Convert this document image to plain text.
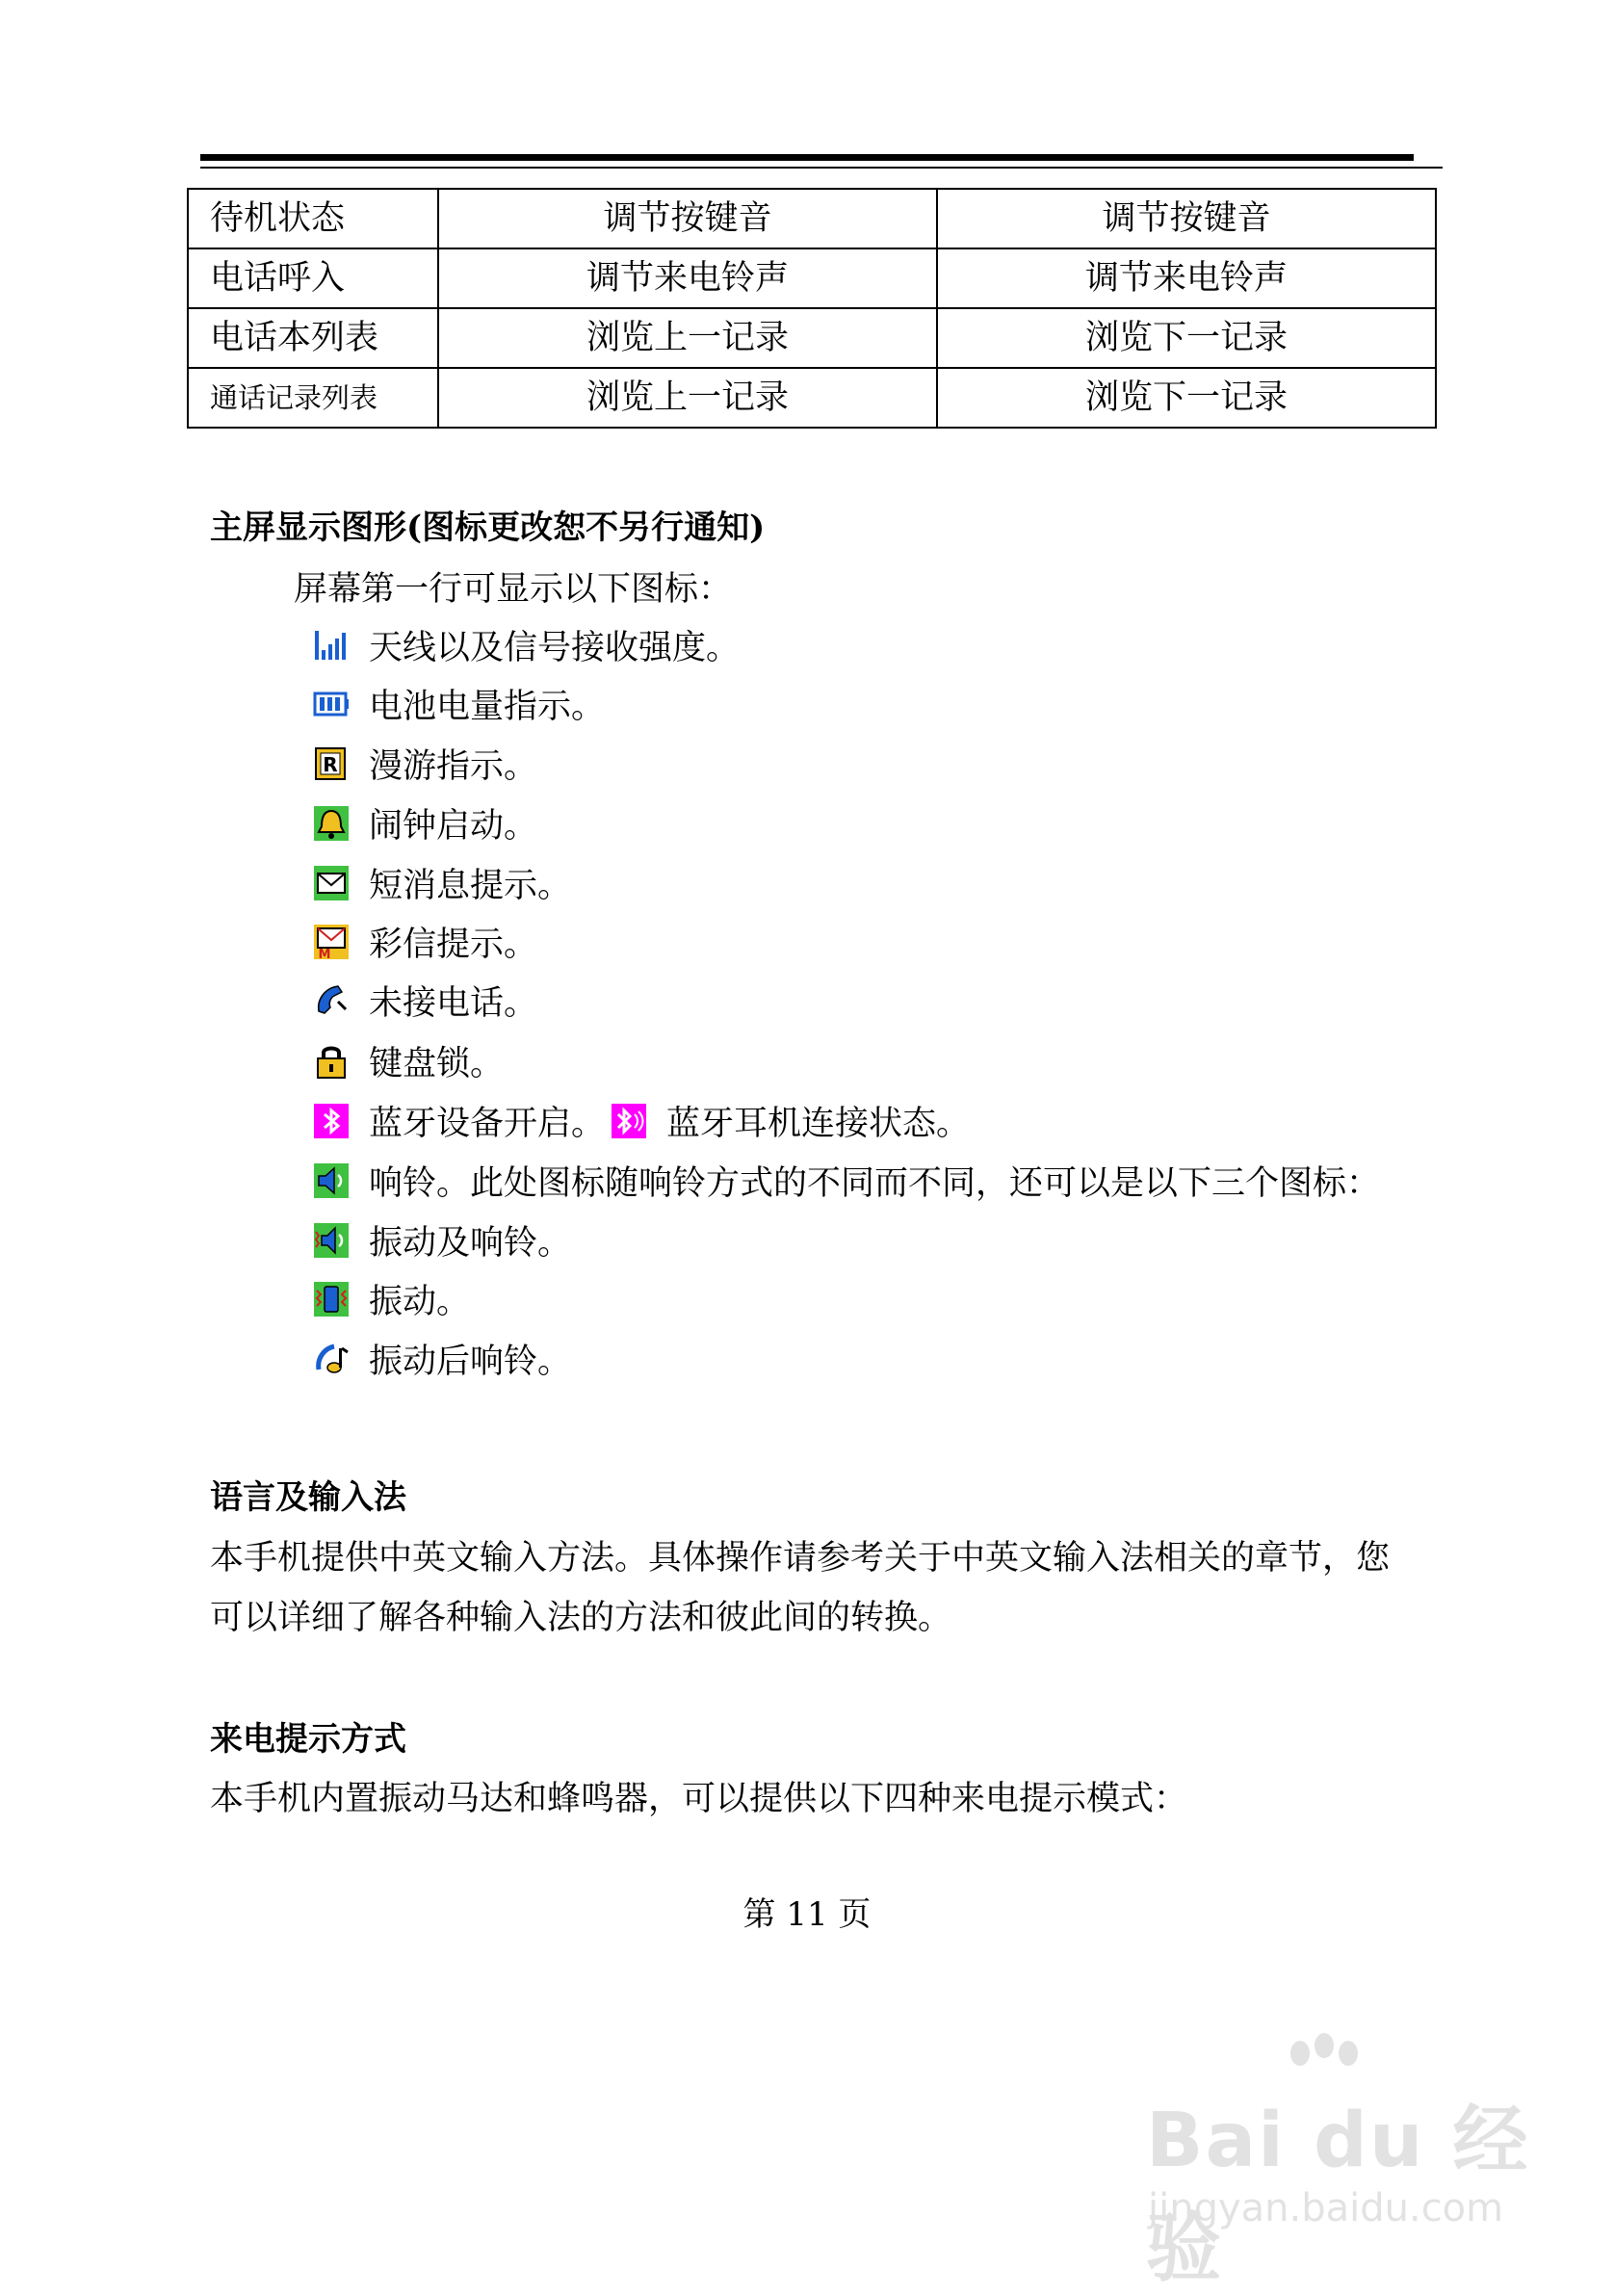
待机状态	调节按键音	调节按键音
电话呼入	调节来电铃声	调节来电铃声
电话本列表	浏览上一记录	浏览下一记录
通话记录列表	浏览上一记录	浏览下一记录
主屏显示图形(图标更改恕不另行通知)
屏幕第一行可显示以下图标：
天线以及信号接收强度。
电池电量指示。
R 漫游指示。
闹钟启动。
短消息提示。
M 彩信提示。
未接电话。
键盘锁。
蓝牙设备开启。 蓝牙耳机连接状态。
响铃。此处图标随响铃方式的不同而不同，还可以是以下三个图标：
振动及响铃。
振动。
振动后响铃。
语言及输入法
本手机提供中英文输入方法。具体操作请参考关于中英文输入法相关的章节，您
可以详细了解各种输入法的方法和彼此间的转换。
来电提示方式
本手机内置振动马达和蜂鸣器，可以提供以下四种来电提示模式：
第 11 页
Bai du 经验
jingyan.baidu.com
